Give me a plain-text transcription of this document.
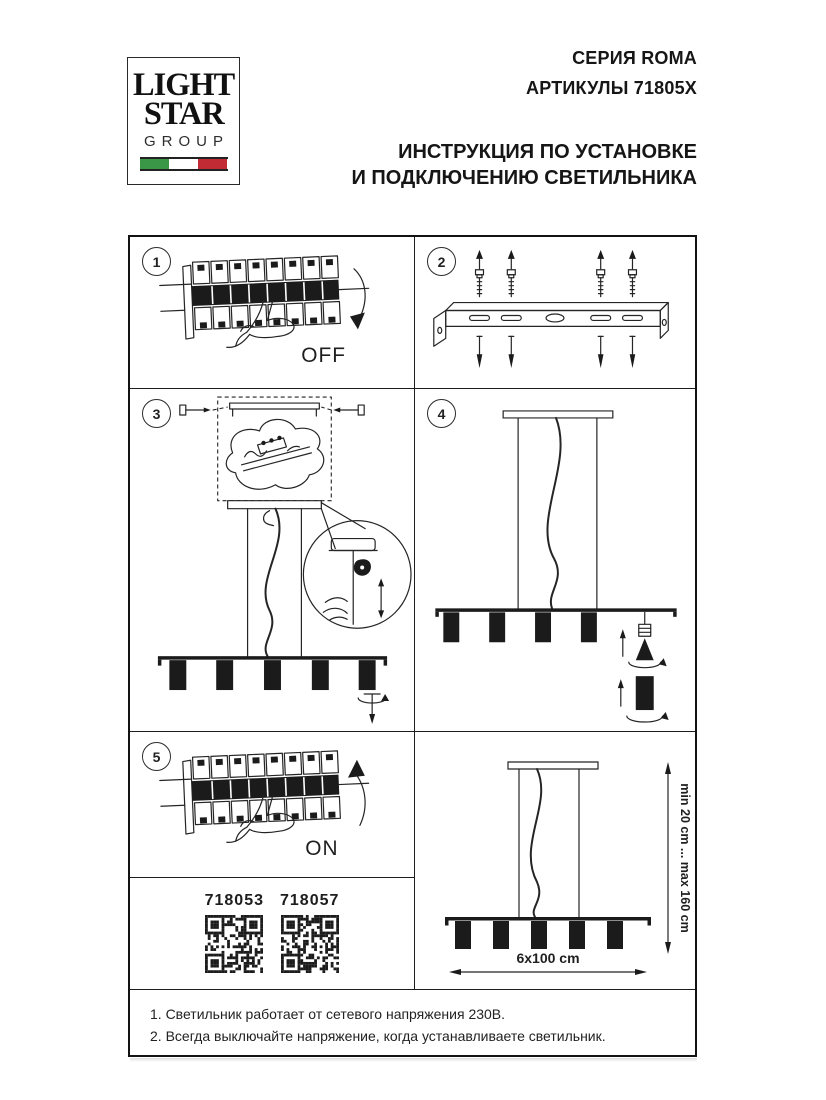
LIGHT
STAR
GROUP
СЕРИЯ ROMA
АРТИКУЛЫ 71805X
ИНСТРУКЦИЯ ПО УСТАНОВКЕ
И ПОДКЛЮЧЕНИЮ СВЕТИЛЬНИКА
1
OFF
2
3	4
5
ON
718053 718057	min 20 cm ... max 160 cm
6x100 cm
1. Светильник работает от сетевого напряжения 230В.
2. Всегда выключайте напряжение, когда устанавливаете светильник.
